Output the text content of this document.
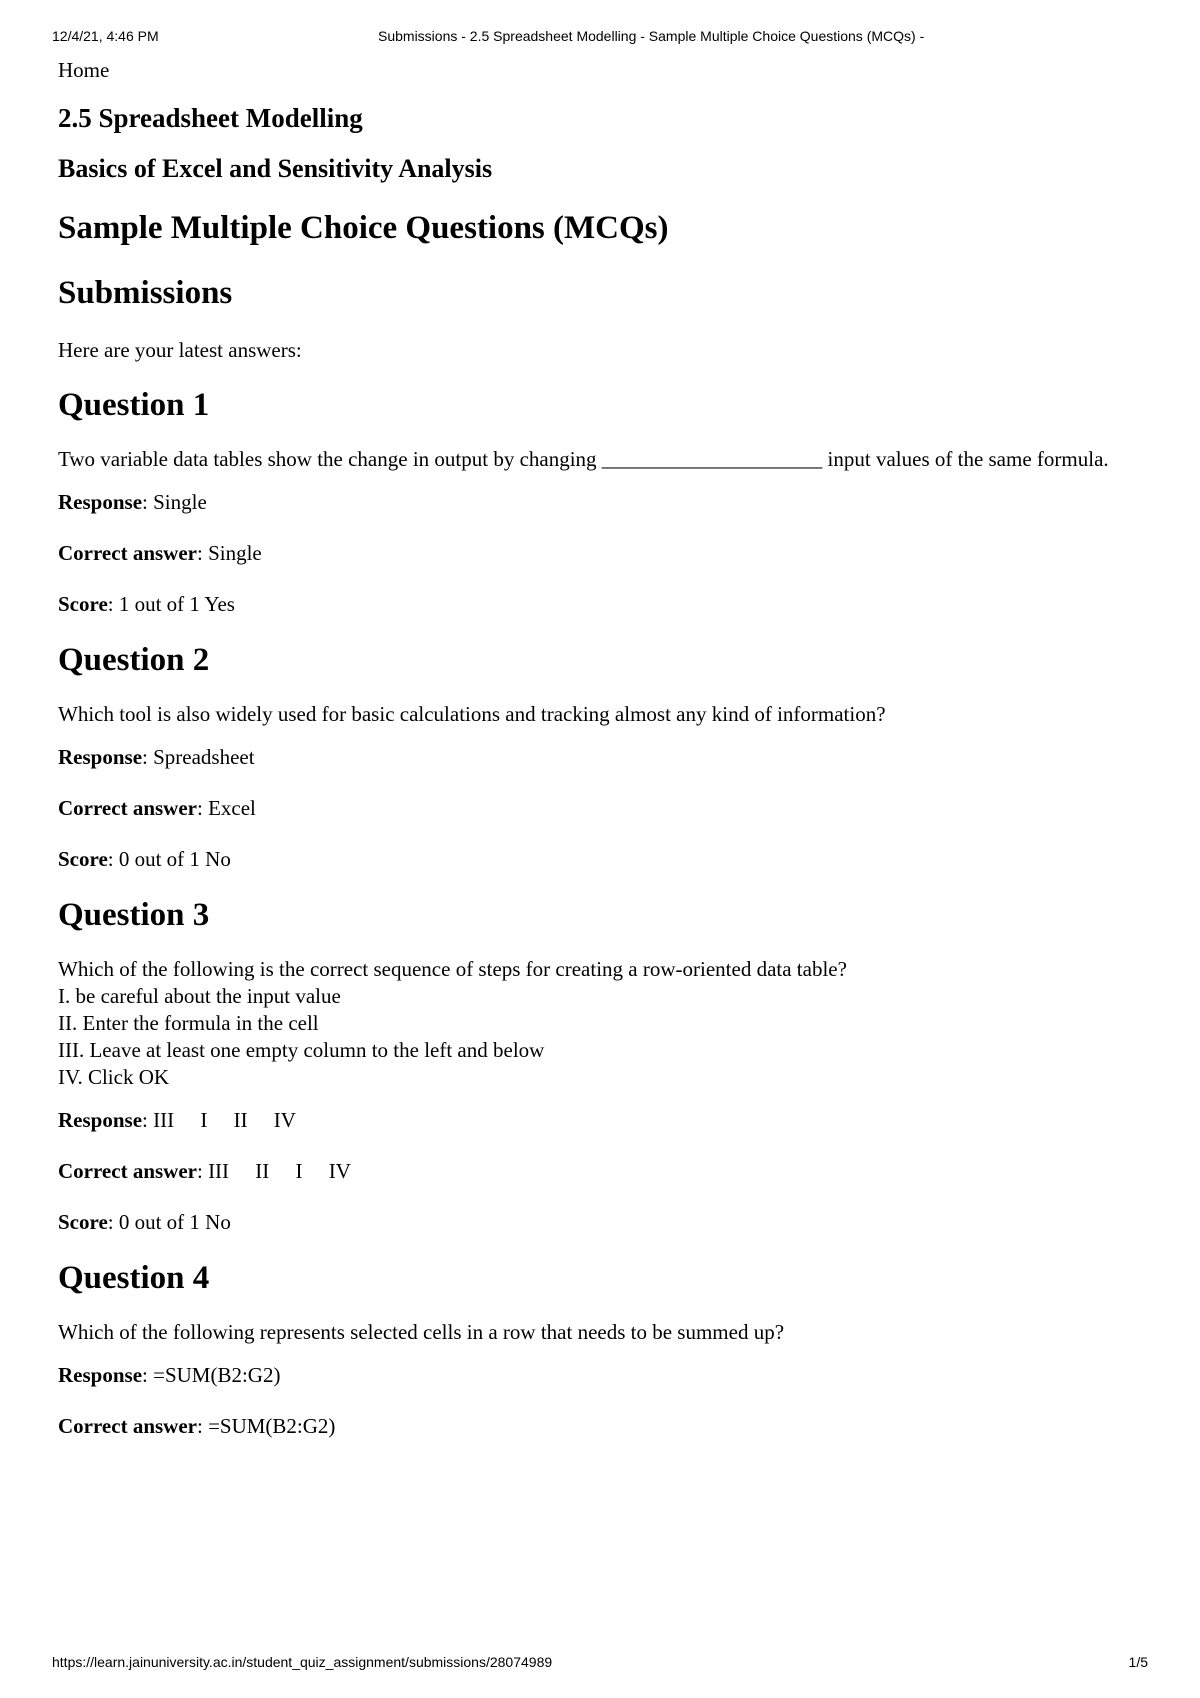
12/4/21, 4:46 PM	Submissions - 2.5 Spreadsheet Modelling - Sample Multiple Choice Questions (MCQs) -
Home
2.5 Spreadsheet Modelling
Basics of Excel and Sensitivity Analysis
Sample Multiple Choice Questions (MCQs)
Submissions

Here are your latest answers:

Question 1

Two variable data tables show the change in output by changing _____________________ input values of the same formula.

Response: Single

Correct answer: Single

Score: 1 out of 1 Yes

Question 2

Which tool is also widely used for basic calculations and tracking almost any kind of information?

Response: Spreadsheet

Correct answer: Excel

Score: 0 out of 1 No

Question 3

Which of the following is the correct sequence of steps for creating a row-oriented data table?

I. be careful about the input value
II. Enter the formula in the cell
III. Leave at least one empty column to the left and below
IV. Click OK

Response: III     I     II     IV

Correct answer: III     II     I     IV

Score: 0 out of 1 No

Question 4

Which of the following represents selected cells in a row that needs to be summed up?

Response: =SUM(B2:G2)

Correct answer: =SUM(B2:G2)

https://learn.jainuniversity.ac.in/student_quiz_assignment/submissions/28074989	1/5
